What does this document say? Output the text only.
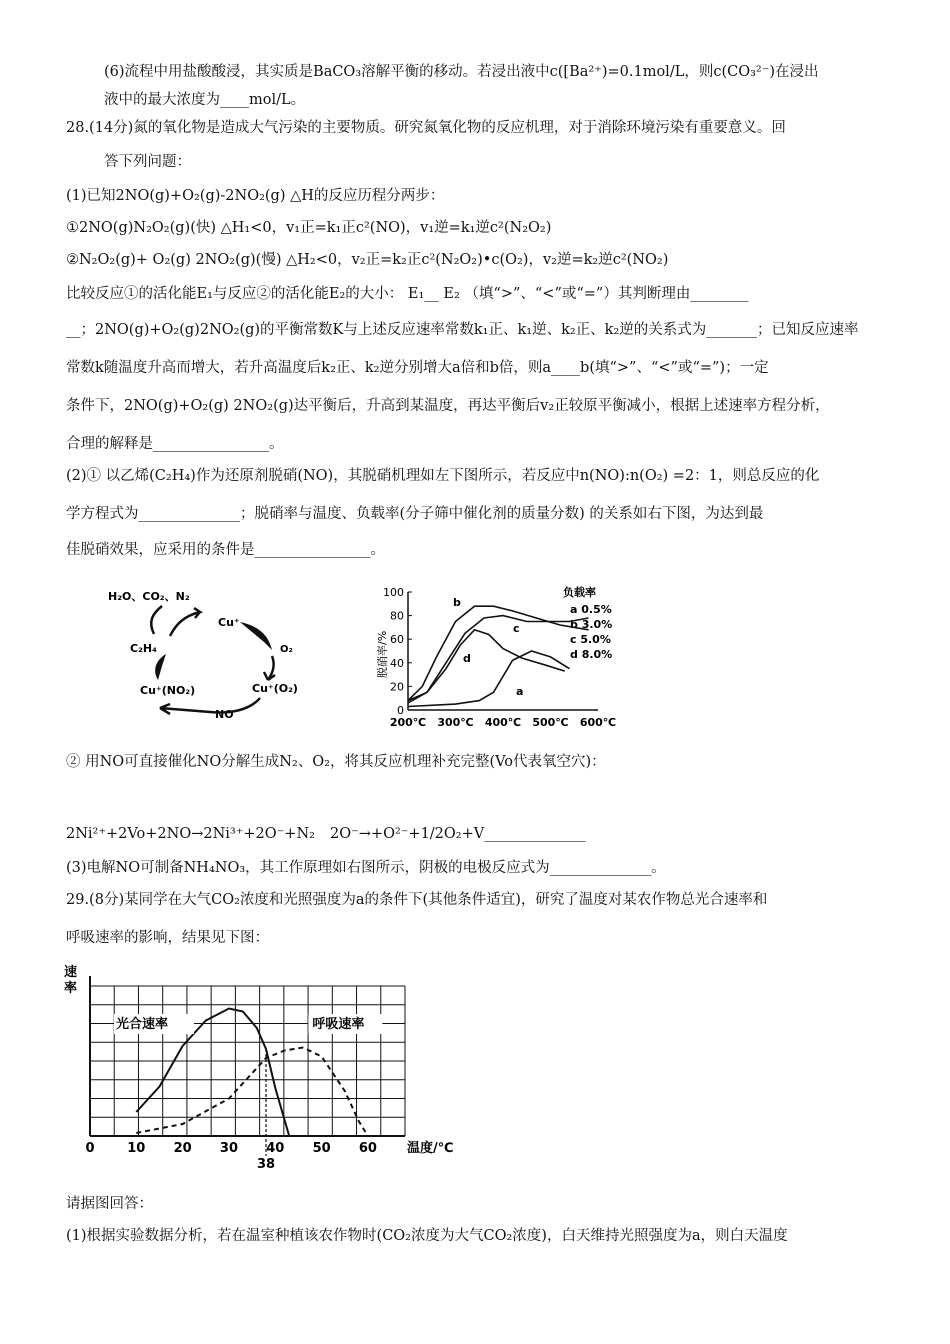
(6)流程中用盐酸酸浸，其实质是BaCO₃溶解平衡的移动。若浸出液中c([Ba²⁺)=0.1mol/L，则c(CO₃²⁻)在浸出
液中的最大浓度为____mol/L。
28.(14分)氮的氧化物是造成大气污染的主要物质。研究氮氧化物的反应机理，对于消除环境污染有重要意义。回
答下列问题：
(1)已知2NO(g)+O₂(g)-2NO₂(g) △H的反应历程分两步：
①2NO(g)N₂O₂(g)(快) △H₁<0，v₁正=k₁正c²(NO)，v₁逆=k₁逆c²(N₂O₂)
②N₂O₂(g)+ O₂(g) 2NO₂(g)(慢) △H₂<0，v₂正=k₂正c²(N₂O₂)•c(O₂)，v₂逆=k₂逆c²(NO₂)
比较反应①的活化能E₁与反应②的活化能E₂的大小： E₁__ E₂ （填“>”、“<”或“=”）其判断理由________
__；2NO(g)+O₂(g)2NO₂(g)的平衡常数K与上述反应速率常数k₁正、k₁逆、k₂正、k₂逆的关系式为_______；已知反应速率
常数k随温度升高而增大，若升高温度后k₂正、k₂逆分别增大a倍和b倍，则a____b(填“>”、“<”或“=”)；一定
条件下，2NO(g)+O₂(g) 2NO₂(g)达平衡后，升高到某温度，再达平衡后v₂正较原平衡减小，根据上述速率方程分析，
合理的解释是________________。
(2)① 以乙烯(C₂H₄)作为还原剂脱硝(NO)，其脱硝机理如左下图所示，若反应中n(NO):n(O₂) =2：1，则总反应的化
学方程式为______________；脱硝率与温度、负载率(分子筛中催化剂的质量分数) 的关系如右下图，为达到最
佳脱硝效果，应采用的条件是________________。
H₂O、CO₂、N₂
Cu⁺
O₂
C₂H₄
Cu⁺(NO₂)	Cu⁺(O₂)
NO
脱硝率/%
负载率
a 0.5%
b 3.0%
c 5.0%
d 8.0%
100
80
60
40
20
0
200℃ 300℃ 400℃ 500℃ 600℃
a
b
c
d
② 用NO可直接催化NO分解生成N₂、O₂，将其反应机理补充完整(Vo代表氧空穴)：
2Ni²⁺+2Vo+2NO→2Ni³⁺+2O⁻+N₂ 2O⁻→+O²⁻+1/2O₂+V______________
(3)电解NO可制备NH₄NO₃，其工作原理如右图所示，阴极的电极反应式为______________。
29.(8分)某同学在大气CO₂浓度和光照强度为a的条件下(其他条件适宜)，研究了温度对某农作物总光合速率和
呼吸速率的影响，结果见下图：
速
率
0	10 20 30 40 50 60
38
温度/℃
光合速率	呼吸速率
请据图回答：
(1)根据实验数据分析，若在温室种植该农作物时(CO₂浓度为大气CO₂浓度)，白天维持光照强度为a，则白天温度
